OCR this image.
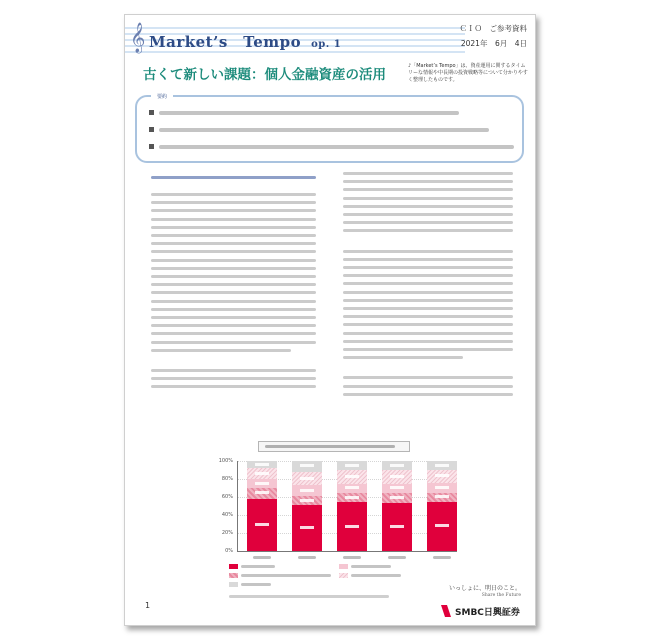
𝄞 Market’s　Tempo op. 1
ＣＩＯ　ご参考資料
2021年　6月　4日
古くて新しい課題：個人金融資産の活用
♪「Market’s Tempo」は、資産運用に関するタイムリーな情報や中長期の投資戦略等について分かりやすく整理したものです。
要約
100%
80%
60%
40%
20%
0%
1
いっしょに、明日のこと。
Share the Future
SMBC日興証券
